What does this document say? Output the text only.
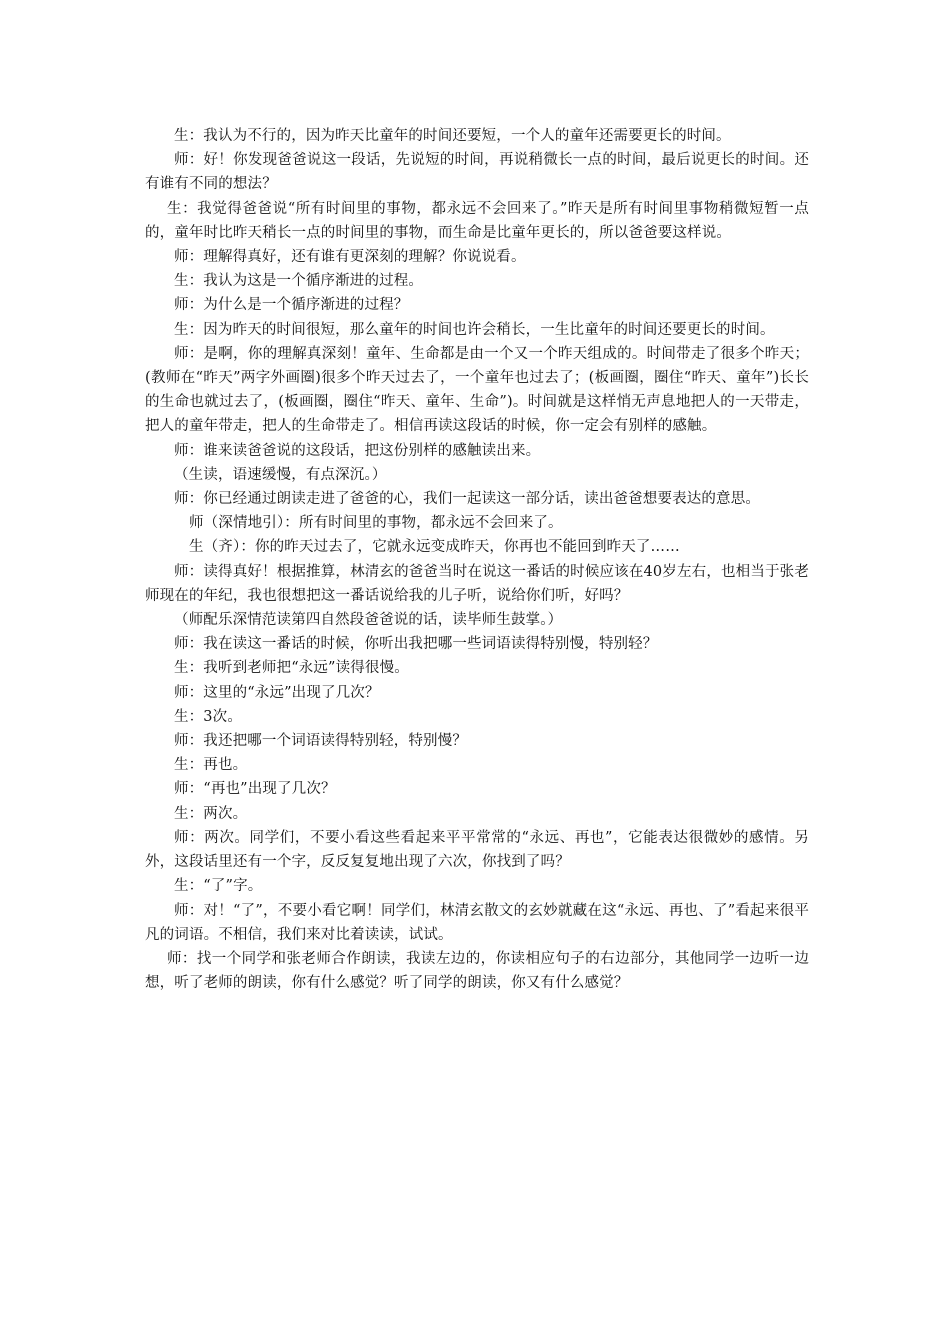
生：我认为不行的，因为昨天比童年的时间还要短，一个人的童年还需要更长的时间。

师：好！你发现爸爸说这一段话，先说短的时间，再说稍微长一点的时间，最后说更长的时间。还有谁有不同的想法？

生：我觉得爸爸说“所有时间里的事物，都永远不会回来了。”昨天是所有时间里事物稍微短暂一点的，童年时比昨天稍长一点的时间里的事物，而生命是比童年更长的，所以爸爸要这样说。

师：理解得真好，还有谁有更深刻的理解？你说说看。

生：我认为这是一个循序渐进的过程。

师：为什么是一个循序渐进的过程？

生：因为昨天的时间很短，那么童年的时间也许会稍长，一生比童年的时间还要更长的时间。

师：是啊，你的理解真深刻！童年、生命都是由一个又一个昨天组成的。时间带走了很多个昨天；(教师在“昨天”两字外画圈)很多个昨天过去了，一个童年也过去了；(板画圈，圈住“昨天、童年”)长长的生命也就过去了，(板画圈，圈住“昨天、童年、生命”)。时间就是这样悄无声息地把人的一天带走，把人的童年带走，把人的生命带走了。相信再读这段话的时候，你一定会有别样的感触。

师：谁来读爸爸说的这段话，把这份别样的感触读出来。

（生读，语速缓慢，有点深沉。）

师：你已经通过朗读走进了爸爸的心，我们一起读这一部分话，读出爸爸想要表达的意思。

师（深情地引）：所有时间里的事物，都永远不会回来了。

生（齐）：你的昨天过去了，它就永远变成昨天，你再也不能回到昨天了……

师：读得真好！根据推算，林清玄的爸爸当时在说这一番话的时候应该在40岁左右，也相当于张老师现在的年纪，我也很想把这一番话说给我的儿子听，说给你们听，好吗？

（师配乐深情范读第四自然段爸爸说的话，读毕师生鼓掌。）

师：我在读这一番话的时候，你听出我把哪一些词语读得特别慢，特别轻？

生：我听到老师把“永远”读得很慢。

师：这里的“永远”出现了几次？

生：3次。

师：我还把哪一个词语读得特别轻，特别慢？

生：再也。

师：“再也”出现了几次？

生：两次。

师：两次。同学们，不要小看这些看起来平平常常的“永远、再也”，它能表达很微妙的感情。另外，这段话里还有一个字，反反复复地出现了六次，你找到了吗？

生：“了”字。

师：对！“了”，不要小看它啊！同学们，林清玄散文的玄妙就藏在这“永远、再也、了”看起来很平凡的词语。不相信，我们来对比着读读，试试。

师：找一个同学和张老师合作朗读，我读左边的，你读相应句子的右边部分，其他同学一边听一边想，听了老师的朗读，你有什么感觉？听了同学的朗读，你又有什么感觉？
